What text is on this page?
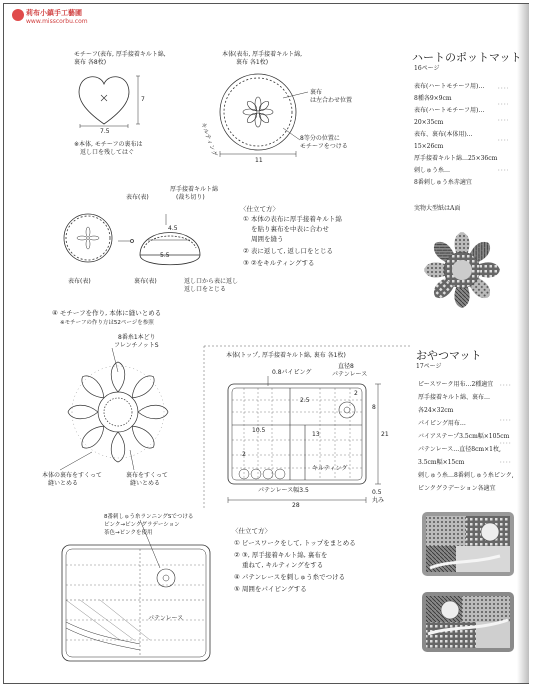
莉布小鎮手工藝圃
www.misscorbu.com
モチーフ(表布, 厚手接着キルト綿,
裏布 各8枚)
7.5
7
※本体, モチーフの裏布は
返し口を残してはぐ
本体(表布, 厚手接着キルト綿,
裏布 各1枚)
裏布
は左合わせ位置
キルティング	8等分の位置に
モチーフをつける
11
表布(表)
厚手接着キルト綿
(裁ち切り)
4.5
5.5
表布(表)	裏布(表)	返し口から表に返し
返し口をとじる
〈仕立て方〉
① 本体の表布に厚手接着キルト綿
を貼り裏布を中表に合わせ
周囲を縫う
② 表に返して, 返し口をとじる
③ ②をキルティングする
④ モチーフを作り, 本体に縫いとめる
※モチーフの作り方は52ページを参照
8番糸1本どり
フレンチノットS
本体の裏布をすくって
縫いとめる
裏布をすくって
縫いとめる
本体(トップ, 厚手接着キルト綿, 裏布 各1枚)
0.8パイピング
直径8
パテンレース
2.5
2
8
10.5
13	21
2
キルティング
パテンレース幅3.5
28
0.5
丸み
8番刺しゅう糸ランニングSでつける
ピンク→ピンクグラデーション
茶色→ピンクを使用
パテンレース
〈仕立て方〉
① ピースワークをして, トップをまとめる
② ③, 厚手接着キルト綿, 裏布を
重ねて, キルティングをする
④ パテンレースを刺しゅう糸でつける
⑤ 周囲をパイピングする
ハートのポットマット
16ページ
表布(ハートモチーフ用)…
8種各9×9cm
表布(ハートモチーフ用)…
20×35cm
表布、裏布(本体用)…
15×26cm
厚手接着キルト綿…25×36cm
刺しゅう糸…
8番刺しゅう糸赤適宜
実物大型紙はA面
おやつマット
17ページ
ピースワーク用布…2種適宜
厚手接着キルト綿、裏布…
各24×32cm
パイピング用布…
バイアステープ3.5cm幅×105cm
パテンレース…直径8cm×1枚,
3.5cm幅×15cm
刺しゅう糸…8番刺しゅう糸ピンク,
ピンクグラデーション各適宜
